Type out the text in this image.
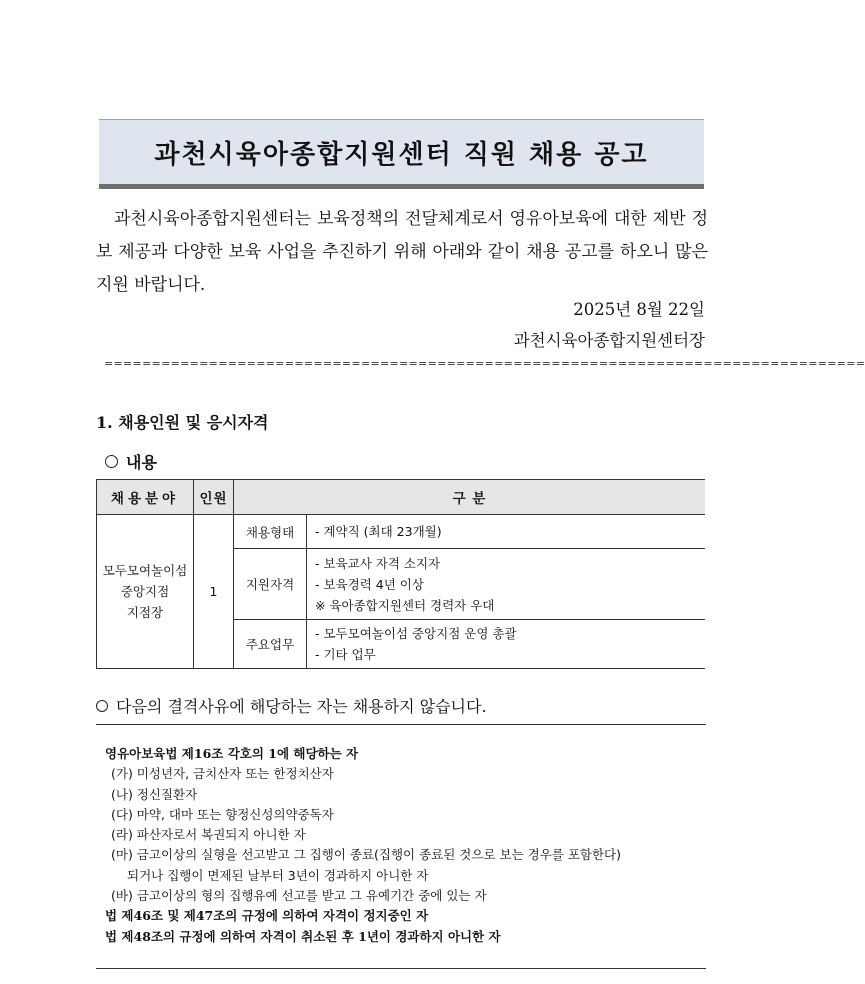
과천시육아종합지원센터 직원 채용 공고

과천시육아종합지원센터는 보육정책의 전달체계로서 영유아보육에 대한 제반 정보 제공과 다양한 보육 사업을 추진하기 위해 아래와 같이 채용 공고를 하오니 많은 지원 바랍니다.

2025년 8월 22일
과천시육아종합지원센터장
================================================================================
1. 채용인원 및 응시자격
내용
채용분야	인원	구 분	

모두모여놀이섬
중앙지점
지점장	1	채용형태	- 계약직 (최대 23개월)

		지원자격	- 보육교사 자격 소지자
- 보육경력 4년 이상
※ 육아종합지원센터 경력자 우대

		주요업무	- 모두모여놀이섬 중앙지점 운영 총괄
- 기타 업무
다음의 결격사유에 해당하는 자는 채용하지 않습니다.
영유아보육법 제16조 각호의 1에 해당하는 자
(가) 미성년자, 금치산자 또는 한정치산자
(나) 정신질환자
(다) 마약, 대마 또는 향정신성의약중독자
(라) 파산자로서 복권되지 아니한 자
(마) 금고이상의 실형을 선고받고 그 집행이 종료(집행이 종료된 것으로 보는 경우를 포함한다)
되거나 집행이 면제된 날부터 3년이 경과하지 아니한 자
(바) 금고이상의 형의 집행유예 선고를 받고 그 유예기간 중에 있는 자
법 제46조 및 제47조의 규정에 의하여 자격이 정지중인 자
법 제48조의 규정에 의하여 자격이 취소된 후 1년이 경과하지 아니한 자
